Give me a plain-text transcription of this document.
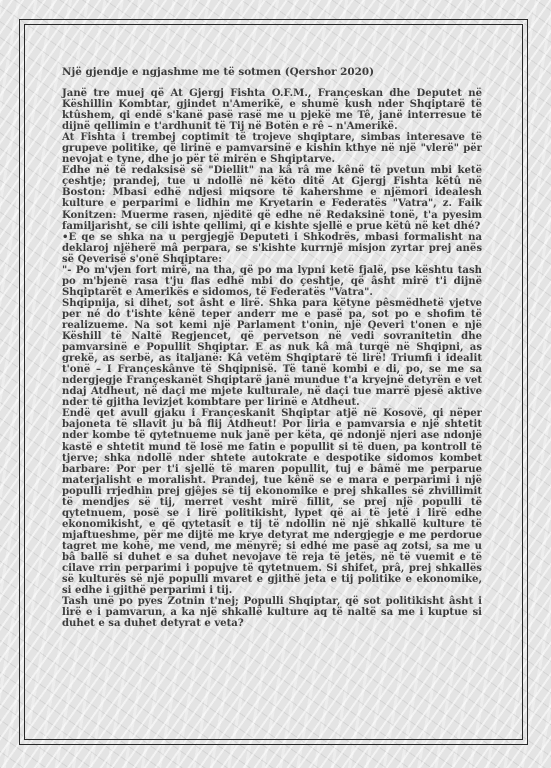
Një gjendje e ngjashme me të sotmen (Qershor 2020)

Janë tre muej që At Gjergj Fishta O.F.M., Françeskan dhe Deputet në Këshillin Kombtar, gjindet n'Amerikë, e shumë kush nder Shqiptarë të ktûshem, qi endë s'kanë pasë rasë me u pjekë me Tê, janë interresue të dijnë qellimin e t'ardhunit të Tij në Botën e rê – n'Amerikë.

At Fishta i trembej coptimit të trojeve shqiptare, simbas interesave të grupeve politike, që lirinë e pamvarsinë e kishin kthye në një "vlerë" për nevojat e tyne, dhe jo për të mirën e Shqiptarve.

Edhe në të redaksisë së "Diellit" na kâ râ me kênë të pvetun mbi ketë çeshtje; prandej, tue u ndollë në këto ditë At Gjergj Fishta këtû në Boston: Mbasi edhë ndjesi miqsore të kahershme e njëmori idealesh kulture e perparimi e lidhin me Kryetarin e Federatës "Vatra", z. Faik Konitzen: Muerme rasen, njëditë që edhe në Redaksinë tonë, t'a pyesim familjarisht, se cili ishte qellimi, qi e kishte sjellë e prue këtû në ket dhé?

•E qe se shka na u pergjegjë Deputeti i Shkodrës, mbasi formalisht na deklaroj njëherë mâ perpara, se s'kishte kurrnjë misjon zyrtar prej anës së Qeverisë s'onë Shqiptare:

"- Po m'vjen fort mirë, na tha, që po ma lypni ketë fjalë, pse kështu tash po m'bjenë rasa t'ju flas edhë mbi do çeshtje, që âsht mirë t'i dijnë Shqiptarët e Amerikës e sidomos, të Federatës "Vatra".

Shqipnija, si dihet, sot âsht e lirë. Shka para këtyne pêsmëdhetë vjetve per né do t'ishte kênë teper anderr me e pasë pa, sot po e shofim të realizueme. Na sot kemi një Parlament t'onin, një Qeveri t'onen e një Këshill të Naltë Regjencet, që pervetson në vedi sovranitetin dhe pamvarsinë e Popullit Shqiptar. E as nuk kâ mâ turqë në Shqipni, as grekë, as serbë, as italjanë: Kâ vetëm Shqiptarë të lirë! Triumfi i idealit t'onë – I Françeskânve të Shqipnisë. Të tanë kombi e di, po, se me sa ndergjegje Françeskanët Shqiptarë janë mundue t'a kryejnë detyrën e vet ndaj Atdheut, në daçi me mjete kulturale, në daçi tue marrë pjesë aktive nder të gjitha levizjet kombtare per lirinë e Atdheut.

Endë qet avull gjaku i Françeskanit Shqiptar atjë në Kosovë, qi nëper bajoneta të sllavit ju bâ flij Atdheut! Por liria e pamvarsia e një shtetit nder kombe të qytetnueme nuk janë per këta, që ndonjë njeri ase ndonjë kastë e shtetit mund të losë me fatin e popullit si të duen, pa kontroll të tjerve; shka ndollë nder shtete autokrate e despotike sidomos kombet barbare: Por per t'i sjellë të maren popullit, tuj e bâmë me perparue materjalisht e moralisht. Prandej, tue kênë se e mara e perparimi i një populli rrjedhin prej gjêjes së tij ekonomike e prej shkalles së zhvillimit të mendjes së tij, merret vesht mirë fillit, se prej një populli të qytetnuem, posë se i lirë politikisht, lypet që ai të jetë i lirë edhe ekonomikisht, e që qytetasit e tij të ndollin në një shkallë kulture të mjaftueshme, për me dijtë me krye detyrat me ndergjegje e me perdorue tagret me kohë, me vend, me mënyrë; si edhé me pasë aq zotsi, sa me u bâ ballë si duhet e sa duhet nevojave të reja të jetës, në të vuemit e të cilave rrin perparimi i popujve të qytetnuem. Si shifet, prâ, prej shkallës së kulturës së një populli mvaret e gjithë jeta e tij politike e ekonomike, si edhe i gjithë perparimi i tij.

Tash unë po pyes Zotnin t'nej; Populli Shqiptar, që sot politikisht âsht i lirë e i pamvarun, a ka një shkallë kulture aq të naltë sa me i kuptue si duhet e sa duhet detyrat e veta?
